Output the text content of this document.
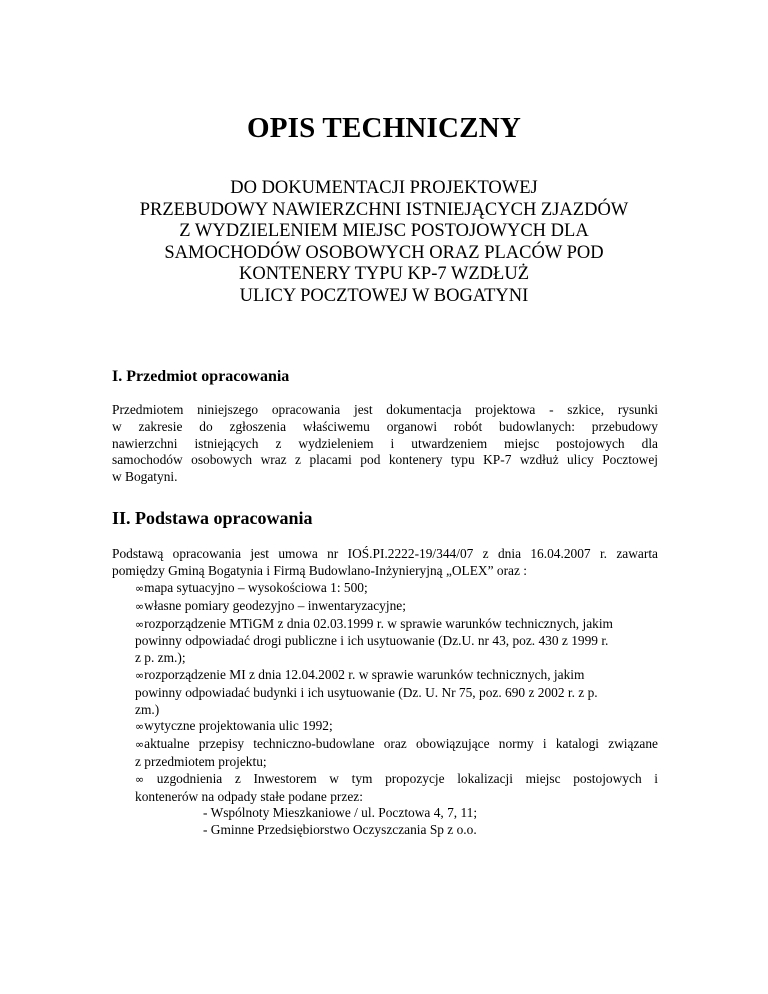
OPIS TECHNICZNY
DO DOKUMENTACJI PROJEKTOWEJ
PRZEBUDOWY NAWIERZCHNI ISTNIEJĄCYCH ZJAZDÓW
Z WYDZIELENIEM MIEJSC POSTOJOWYCH DLA
SAMOCHODÓW OSOBOWYCH ORAZ PLACÓW POD
KONTENERY TYPU KP-7 WZDŁUŻ
ULICY POCZTOWEJ W BOGATYNI
I. Przedmiot opracowania
Przedmiotem niniejszego opracowania jest dokumentacja projektowa - szkice, rysunki
w zakresie do zgłoszenia właściwemu organowi robót budowlanych: przebudowy
nawierzchni istniejących z wydzieleniem i utwardzeniem miejsc postojowych dla
samochodów osobowych wraz z placami pod kontenery typu KP-7 wzdłuż ulicy Pocztowej
w Bogatyni.
II. Podstawa opracowania
Podstawą opracowania jest umowa nr IOŚ.PI.2222-19/344/07 z dnia 16.04.2007 r. zawarta
pomiędzy Gminą Bogatynia i Firmą Budowlano-Inżynieryjną „OLEX” oraz :
∞mapa sytuacyjno – wysokościowa 1: 500;
∞własne pomiary geodezyjno – inwentaryzacyjne;
∞rozporządzenie MTiGM z dnia 02.03.1999 r. w sprawie warunków technicznych, jakim
powinny odpowiadać drogi publiczne i ich usytuowanie (Dz.U. nr 43, poz. 430 z 1999 r.
z p. zm.);
∞rozporządzenie MI z dnia 12.04.2002 r. w sprawie warunków technicznych, jakim
powinny odpowiadać budynki i ich usytuowanie (Dz. U. Nr 75, poz. 690 z 2002 r. z p.
zm.)
∞wytyczne projektowania ulic 1992;
∞aktualne przepisy techniczno-budowlane oraz obowiązujące normy i katalogi związane
z przedmiotem projektu;
∞ uzgodnienia z Inwestorem w tym propozycje lokalizacji miejsc postojowych i
kontenerów na odpady stałe podane przez:
- Wspólnoty Mieszkaniowe / ul. Pocztowa 4, 7, 11;
- Gminne Przedsiębiorstwo Oczyszczania Sp z o.o.
